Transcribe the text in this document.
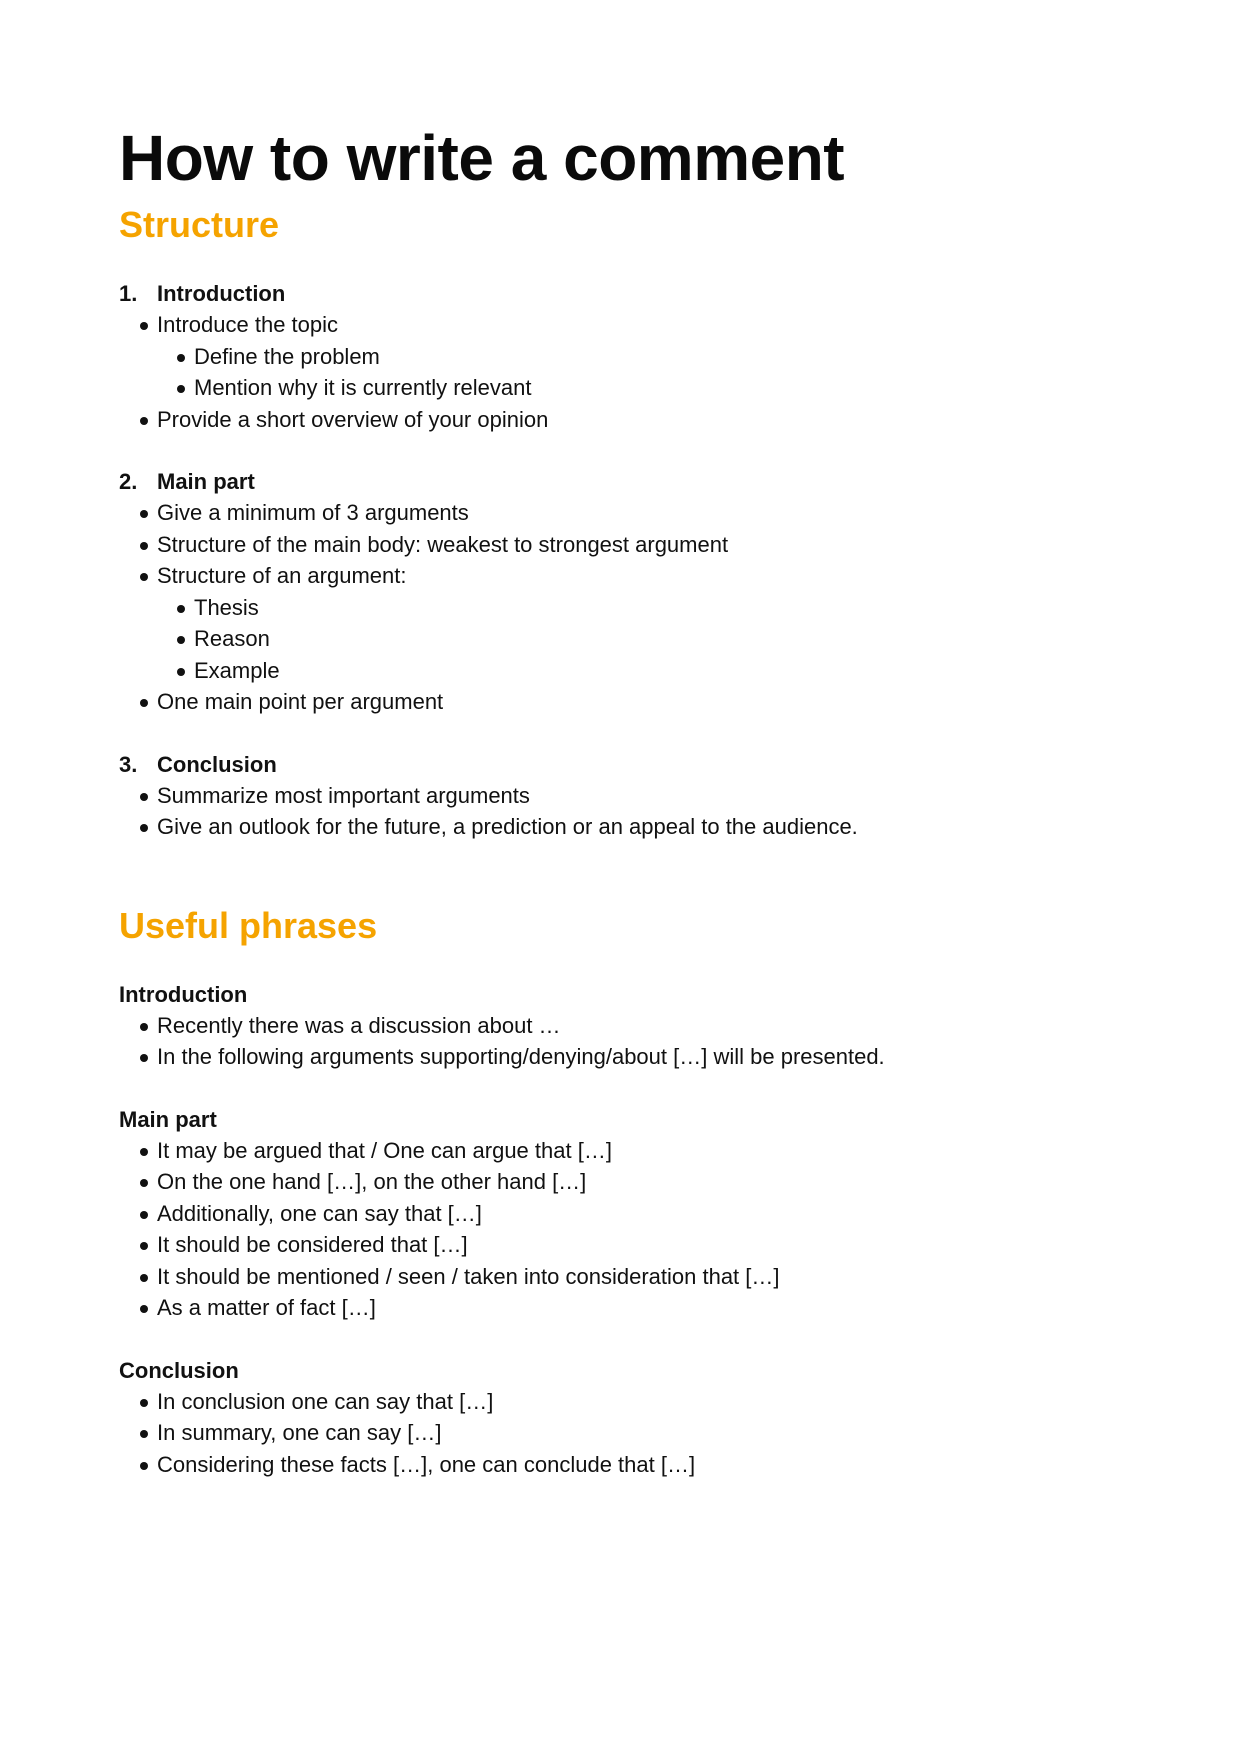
How to write a comment
Structure
1. Introduction
Introduce the topic
Define the problem
Mention why it is currently relevant
Provide a short overview of your opinion
2. Main part
Give a minimum of 3 arguments
Structure of the main body: weakest to strongest argument
Structure of an argument:
Thesis
Reason
Example
One main point per argument
3. Conclusion
Summarize most important arguments
Give an outlook for the future, a prediction or an appeal to the audience.
Useful phrases
Introduction
Recently there was a discussion about …
In the following arguments supporting/denying/about […] will be presented.
Main part
It may be argued that / One can argue that […]
On the one hand […], on the other hand […]
Additionally, one can say that […]
It should be considered that […]
It should be mentioned / seen / taken into consideration that […]
As a matter of fact […]
Conclusion
In conclusion one can say that […]
In summary, one can say […]
Considering these facts […], one can conclude that […]
